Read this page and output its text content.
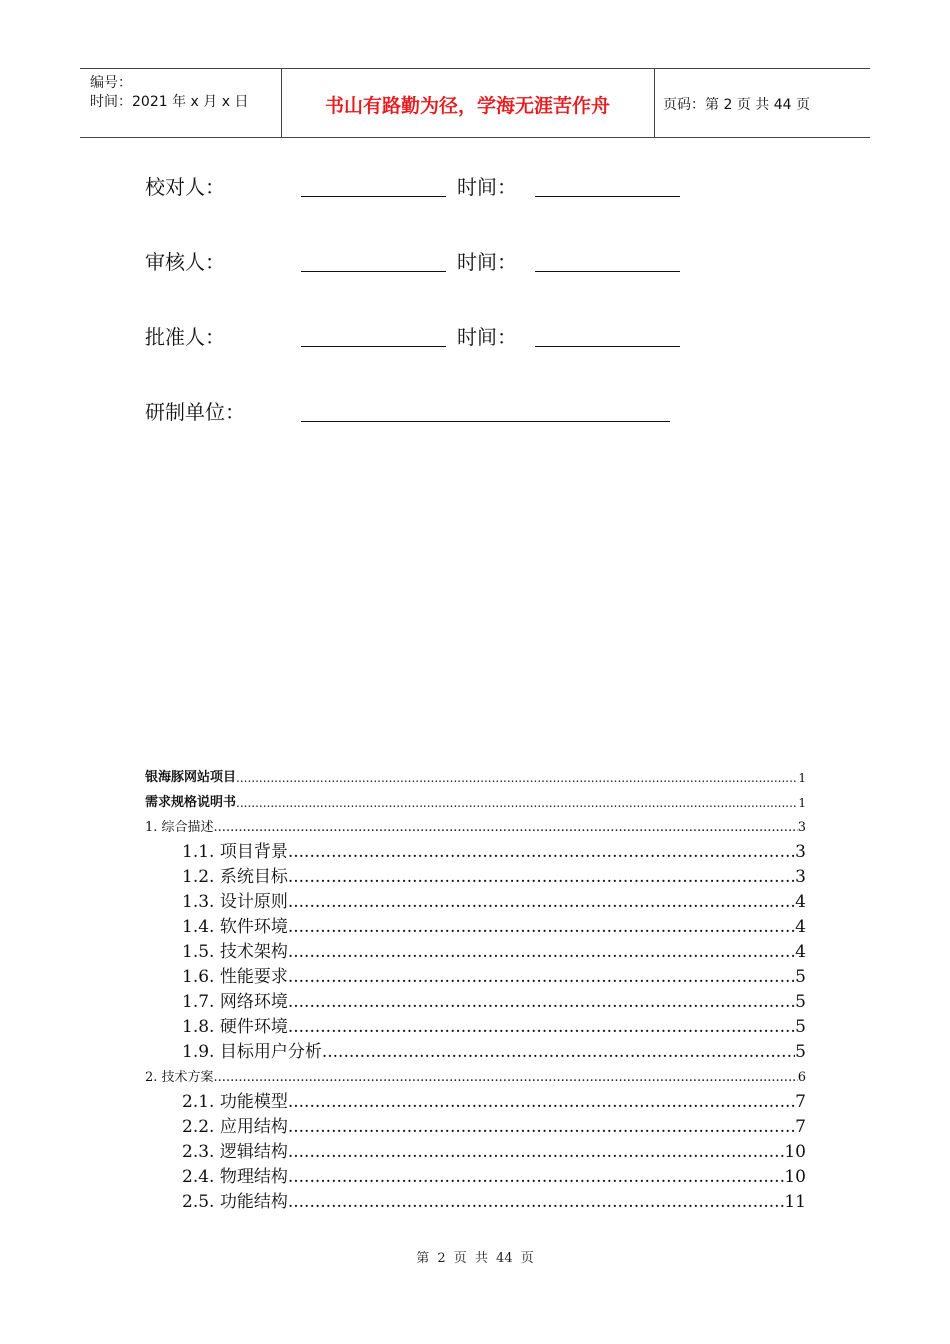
编号：
时间：2021 年 x 月 x 日	书山有路勤为径，学海无涯苦作舟	页码：第 2 页 共 44 页
校对人：	时间：
审核人：	时间：
批准人：	时间：
研制单位：
银海豚网站项目 .....	1
需求规格说明书 .....	1
1. 综合描述 .....	3
1.1. 项目背景 .....	3
1.2. 系统目标 .....	3
1.3. 设计原则 .....	4
1.4. 软件环境 .....	4
1.5. 技术架构 .....	4
1.6. 性能要求 .....	5
1.7. 网络环境 .....	5
1.8. 硬件环境 .....	5
1.9. 目标用户分析 .....	5
2. 技术方案 .....	6
2.1. 功能模型 .....	7
2.2. 应用结构 .....	7
2.3. 逻辑结构 .....	10
2.4. 物理结构 .....	10
2.5. 功能结构 .....	11
第 2 页 共 44 页
